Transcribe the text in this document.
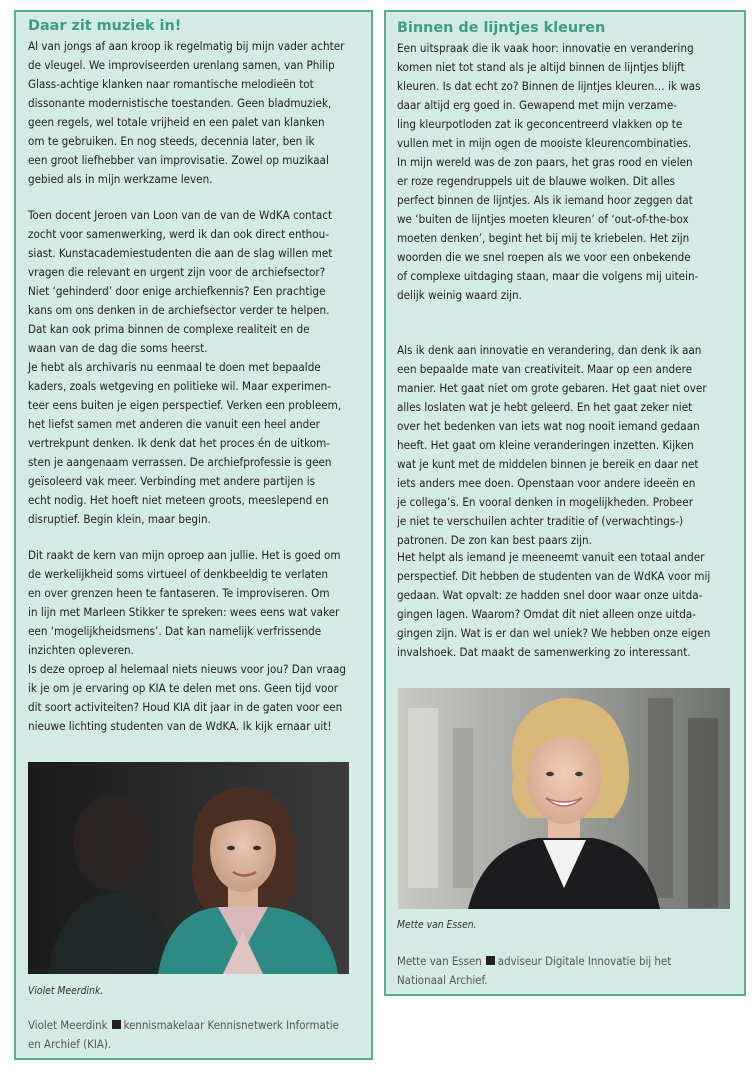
Daar zit muziek in!
Al van jongs af aan kroop ik regelmatig bij mijn vader achter
de vleugel. We improviseerden urenlang samen, van Philip
Glass-achtige klanken naar romantische melodieën tot
dissonante modernistische toestanden. Geen bladmuziek,
geen regels, wel totale vrijheid en een palet van klanken
om te gebruiken. En nog steeds, decennia later, ben ik
een groot liefhebber van improvisatie. Zowel op muzikaal
gebied als in mijn werkzame leven.
Toen docent Jeroen van Loon van de van de WdKA contact
zocht voor samenwerking, werd ik dan ook direct enthou-
siast. Kunstacademiestudenten die aan de slag willen met
vragen die relevant en urgent zijn voor de archiefsector?
Niet ‘gehinderd’ door enige archiefkennis? Een prachtige
kans om ons denken in de archiefsector verder te helpen.
Dat kan ook prima binnen de complexe realiteit en de
waan van de dag die soms heerst.
Je hebt als archivaris nu eenmaal te doen met bepaalde
kaders, zoals wetgeving en politieke wil. Maar experimen-
teer eens buiten je eigen perspectief. Verken een probleem,
het liefst samen met anderen die vanuit een heel ander
vertrekpunt denken. Ik denk dat het proces én de uitkom-
sten je aangenaam verrassen. De archiefprofessie is geen
geïsoleerd vak meer. Verbinding met andere partijen is
echt nodig. Het hoeft niet meteen groots, meeslepend en
disruptief. Begin klein, maar begin.
Dit raakt de kern van mijn oproep aan jullie. Het is goed om
de werkelijkheid soms virtueel of denkbeeldig te verlaten
en over grenzen heen te fantaseren. Te improviseren. Om
in lijn met Marleen Stikker te spreken: wees eens wat vaker
een ‘mogelijkheidsmens’. Dat kan namelijk verfrissende
inzichten opleveren.
Is deze oproep al helemaal niets nieuws voor jou? Dan vraag
ik je om je ervaring op KIA te delen met ons. Geen tijd voor
dit soort activiteiten? Houd KIA dit jaar in de gaten voor een
nieuwe lichting studenten van de WdKA. Ik kijk ernaar uit!
Violet Meerdink.
Violet Meerdink kennismakelaar Kennisnetwerk Informatie
en Archief (KIA).
Binnen de lijntjes kleuren
Een uitspraak die ik vaak hoor: innovatie en verandering
komen niet tot stand als je altijd binnen de lijntjes blijft
kleuren. Is dat echt zo? Binnen de lijntjes kleuren… ik was
daar altijd erg goed in. Gewapend met mijn verzame-
ling kleurpotloden zat ik geconcentreerd vlakken op te
vullen met in mijn ogen de mooiste kleurencombinaties.
In mijn wereld was de zon paars, het gras rood en vielen
er roze regendruppels uit de blauwe wolken. Dit alles
perfect binnen de lijntjes. Als ik iemand hoor zeggen dat
we ‘buiten de lijntjes moeten kleuren’ of ‘out-of-the-box
moeten denken’, begint het bij mij te kriebelen. Het zijn
woorden die we snel roepen als we voor een onbekende
of complexe uitdaging staan, maar die volgens mij uitein-
delijk weinig waard zijn.
Als ik denk aan innovatie en verandering, dan denk ik aan
een bepaalde mate van creativiteit. Maar op een andere
manier. Het gaat niet om grote gebaren. Het gaat niet over
alles loslaten wat je hebt geleerd. En het gaat zeker niet
over het bedenken van iets wat nog nooit iemand gedaan
heeft. Het gaat om kleine veranderingen inzetten. Kijken
wat je kunt met de middelen binnen je bereik en daar net
iets anders mee doen. Openstaan voor andere ideeën en
je collega’s. En vooral denken in mogelijkheden. Probeer
je niet te verschuilen achter traditie of (verwachtings-)
patronen. De zon kan best paars zijn.
Het helpt als iemand je meeneemt vanuit een totaal ander
perspectief. Dit hebben de studenten van de WdKA voor mij
gedaan. Wat opvalt: ze hadden snel door waar onze uitda-
gingen lagen. Waarom? Omdat dit niet alleen onze uitda-
gingen zijn. Wat is er dan wel uniek? We hebben onze eigen
invalshoek. Dat maakt de samenwerking zo interessant.
Mette van Essen.
Mette van Essen adviseur Digitale Innovatie bij het
Nationaal Archief.
